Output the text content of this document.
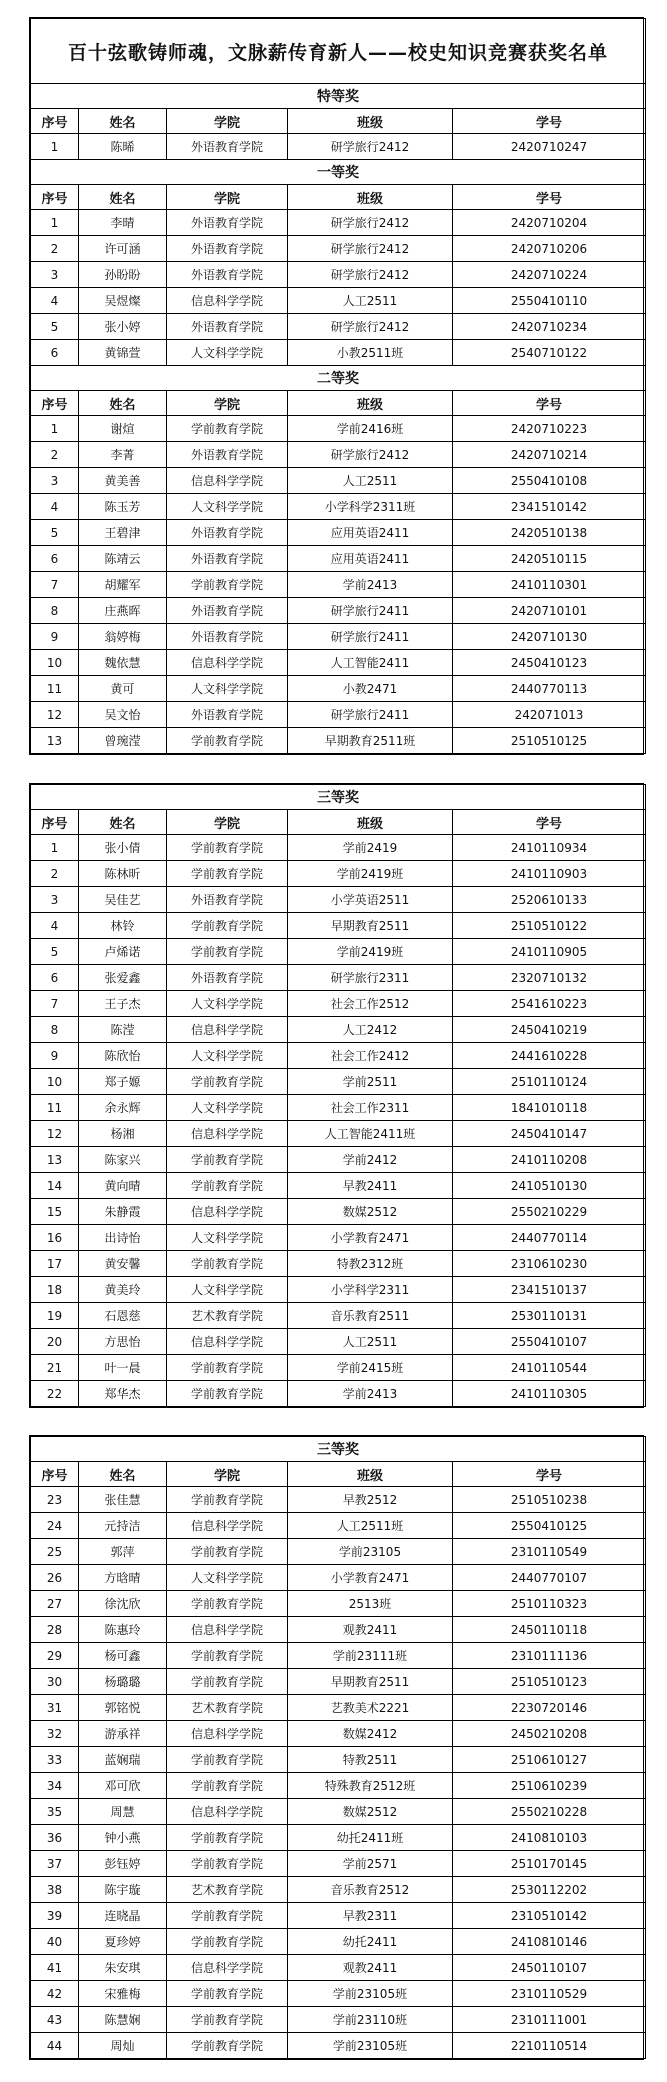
百十弦歌铸师魂，文脉薪传育新人——校史知识竞赛获奖名单				
特等奖				
序号	姓名	学院	班级	学号
1	陈晞	外语教育学院	研学旅行2412	2420710247
一等奖				
序号	姓名	学院	班级	学号
1	李晴	外语教育学院	研学旅行2412	2420710204
2	许可涵	外语教育学院	研学旅行2412	2420710206
3	孙盼盼	外语教育学院	研学旅行2412	2420710224
4	吴煜燦	信息科学学院	人工2511	2550410110
5	张小婷	外语教育学院	研学旅行2412	2420710234
6	黄锦萱	人文科学学院	小教2511班	2540710122
二等奖				
序号	姓名	学院	班级	学号
1	谢煊	学前教育学院	学前2416班	2420710223
2	李菁	外语教育学院	研学旅行2412	2420710214
3	黄美善	信息科学学院	人工2511	2550410108
4	陈玉芳	人文科学学院	小学科学2311班	2341510142
5	王碧津	外语教育学院	应用英语2411	2420510138
6	陈靖云	外语教育学院	应用英语2411	2420510115
7	胡耀军	学前教育学院	学前2413	2410110301
8	庄燕晖	外语教育学院	研学旅行2411	2420710101
9	翁婷梅	外语教育学院	研学旅行2411	2420710130
10	魏依慧	信息科学学院	人工智能2411	2450410123
11	黄可	人文科学学院	小教2471	2440770113
12	吴文怡	外语教育学院	研学旅行2411	242071013
13	曾琬滢	学前教育学院	早期教育2511班	2510510125
三等奖				
序号	姓名	学院	班级	学号
1	张小倩	学前教育学院	学前2419	2410110934
2	陈林昕	学前教育学院	学前2419班	2410110903
3	吴佳艺	外语教育学院	小学英语2511	2520610133
4	林铃	学前教育学院	早期教育2511	2510510122
5	卢烯诺	学前教育学院	学前2419班	2410110905
6	张爱鑫	外语教育学院	研学旅行2311	2320710132
7	王子杰	人文科学学院	社会工作2512	2541610223
8	陈滢	信息科学学院	人工2412	2450410219
9	陈欣怡	人文科学学院	社会工作2412	2441610228
10	郑子嫄	学前教育学院	学前2511	2510110124
11	余永辉	人文科学学院	社会工作2311	1841010118
12	杨湘	信息科学学院	人工智能2411班	2450410147
13	陈家兴	学前教育学院	学前2412	2410110208
14	黄向晴	学前教育学院	早教2411	2410510130
15	朱静霞	信息科学学院	数媒2512	2550210229
16	出诗怡	人文科学学院	小学教育2471	2440770114
17	黄安馨	学前教育学院	特教2312班	2310610230
18	黄美玲	人文科学学院	小学科学2311	2341510137
19	石恩慈	艺术教育学院	音乐教育2511	2530110131
20	方思怡	信息科学学院	人工2511	2550410107
21	叶一晨	学前教育学院	学前2415班	2410110544
22	郑华杰	学前教育学院	学前2413	2410110305
三等奖				
序号	姓名	学院	班级	学号
23	张佳慧	学前教育学院	早教2512	2510510238
24	元持洁	信息科学学院	人工2511班	2550410125
25	郭萍	学前教育学院	学前23105	2310110549
26	方晗晴	人文科学学院	小学教育2471	2440770107
27	徐沈欣	学前教育学院	2513班	2510110323
28	陈惠玲	信息科学学院	观教2411	2450110118
29	杨可鑫	学前教育学院	学前23111班	2310111136
30	杨璐璐	学前教育学院	早期教育2511	2510510123
31	郭铭悦	艺术教育学院	艺教美术2221	2230720146
32	游承祥	信息科学学院	数媒2412	2450210208
33	蓝娴瑞	学前教育学院	特教2511	2510610127
34	邓可欣	学前教育学院	特殊教育2512班	2510610239
35	周慧	信息科学学院	数媒2512	2550210228
36	钟小燕	学前教育学院	幼托2411班	2410810103
37	彭钰婷	学前教育学院	学前2571	2510170145
38	陈宇璇	艺术教育学院	音乐教育2512	2530112202
39	连晓晶	学前教育学院	早教2311	2310510142
40	夏珍婷	学前教育学院	幼托2411	2410810146
41	朱安琪	信息科学学院	观教2411	2450110107
42	宋雅梅	学前教育学院	学前23105班	2310110529
43	陈慧娴	学前教育学院	学前23110班	2310111001
44	周灿	学前教育学院	学前23105班	2210110514
